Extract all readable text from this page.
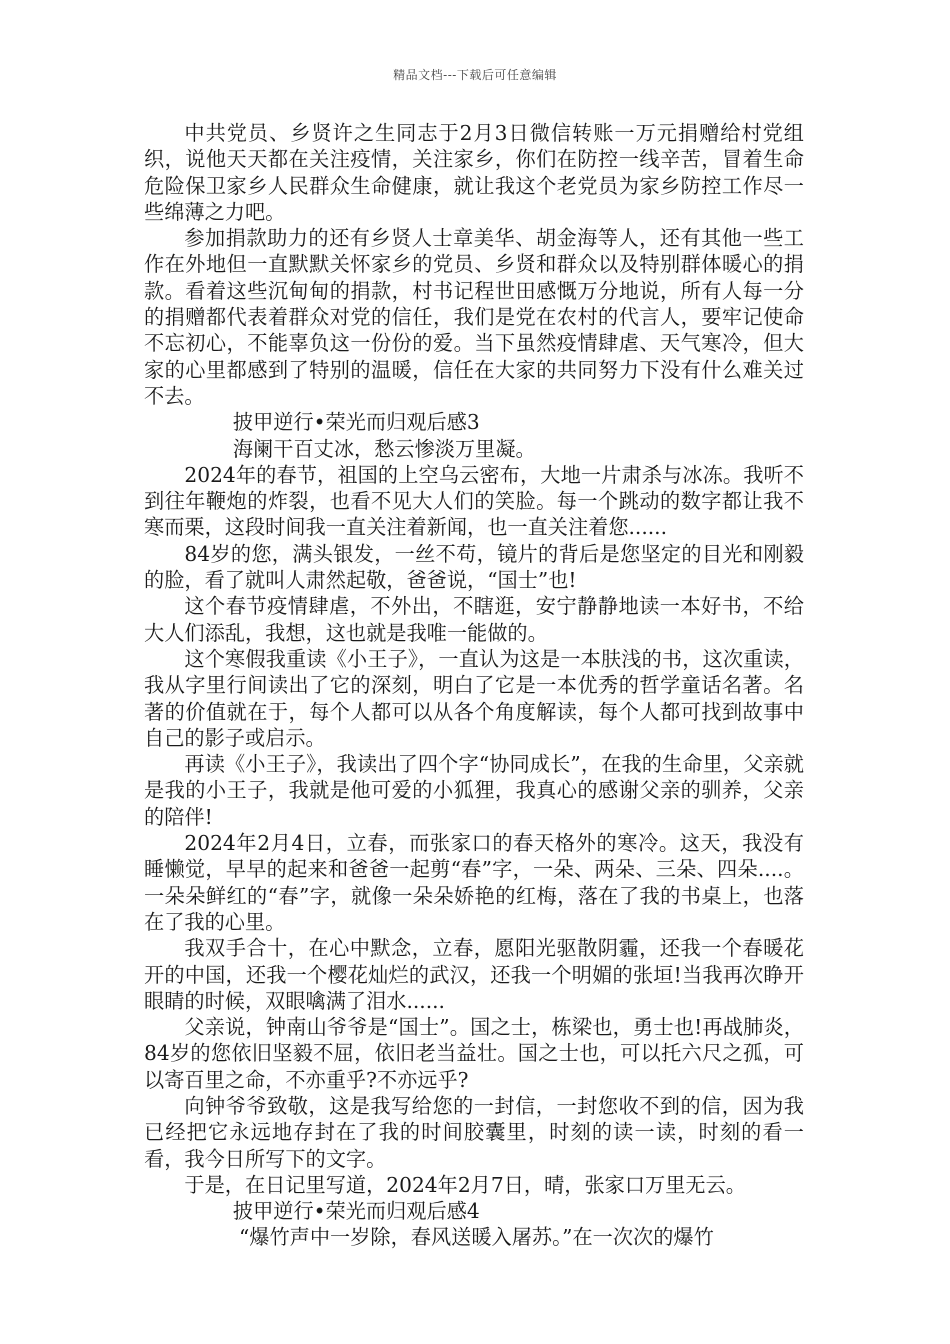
精品文档---下载后可任意编辑

中共党员、乡贤许之生同志于2月3日微信转账一万元捐赠给村党组织，说他天天都在关注疫情，关注家乡，你们在防控一线辛苦，冒着生命危险保卫家乡人民群众生命健康，就让我这个老党员为家乡防控工作尽一些绵薄之力吧。

参加捐款助力的还有乡贤人士章美华、胡金海等人，还有其他一些工作在外地但一直默默关怀家乡的党员、乡贤和群众以及特别群体暖心的捐款。看着这些沉甸甸的捐款，村书记程世田感慨万分地说，所有人每一分的捐赠都代表着群众对党的信任，我们是党在农村的代言人，要牢记使命不忘初心，不能辜负这一份份的爱。当下虽然疫情肆虐、天气寒冷，但大家的心里都感到了特别的温暖，信任在大家的共同努力下没有什么难关过不去。

披甲逆行•荣光而归观后感3

海阑干百丈冰，愁云惨淡万里凝。

2024年的春节，祖国的上空乌云密布，大地一片肃杀与冰冻。我听不到往年鞭炮的炸裂，也看不见大人们的笑脸。每一个跳动的数字都让我不寒而栗，这段时间我一直关注着新闻，也一直关注着您......

84岁的您，满头银发，一丝不苟，镜片的背后是您坚定的目光和刚毅的脸，看了就叫人肃然起敬，爸爸说，“国士”也!

这个春节疫情肆虐，不外出，不瞎逛，安宁静静地读一本好书，不给大人们添乱，我想，这也就是我唯一能做的。

这个寒假我重读《小王子》，一直认为这是一本肤浅的书，这次重读，我从字里行间读出了它的深刻，明白了它是一本优秀的哲学童话名著。名著的价值就在于，每个人都可以从各个角度解读，每个人都可找到故事中自己的影子或启示。

再读《小王子》，我读出了四个字“协同成长”，在我的生命里，父亲就是我的小王子，我就是他可爱的小狐狸，我真心的感谢父亲的驯养，父亲的陪伴!

2024年2月4日，立春，而张家口的春天格外的寒冷。这天，我没有睡懒觉，早早的起来和爸爸一起剪“春”字，一朵、两朵、三朵、四朵....。一朵朵鲜红的“春”字，就像一朵朵娇艳的红梅，落在了我的书桌上，也落在了我的心里。

我双手合十，在心中默念，立春，愿阳光驱散阴霾，还我一个春暖花开的中国，还我一个樱花灿烂的武汉，还我一个明媚的张垣!当我再次睁开眼睛的时候，双眼噙满了泪水......

父亲说，钟南山爷爷是“国士”。国之士，栋梁也，勇士也!再战肺炎，84岁的您依旧坚毅不屈，依旧老当益壮。国之士也，可以托六尺之孤，可以寄百里之命，不亦重乎?不亦远乎?

向钟爷爷致敬，这是我写给您的一封信，一封您收不到的信，因为我已经把它永远地存封在了我的时间胶囊里，时刻的读一读，时刻的看一看，我今日所写下的文字。

于是，在日记里写道，2024年2月7日，晴，张家口万里无云。

披甲逆行•荣光而归观后感4

“爆竹声中一岁除，春风送暖入屠苏。”在一次次的爆竹
